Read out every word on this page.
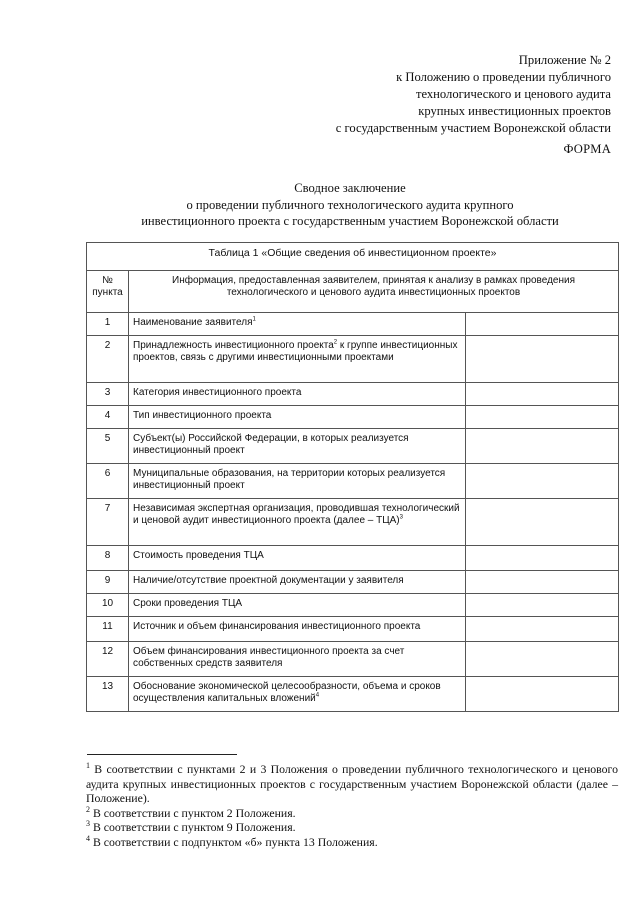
Приложение № 2
к Положению о проведении публичного
технологического и ценового аудита
крупных инвестиционных проектов
с государственным участием Воронежской области
ФОРМА
Сводное заключение
о проведении публичного технологического аудита крупного
инвестиционного проекта с государственным участием Воронежской области
Таблица 1 «Общие сведения об инвестиционном проекте»		
№ пункта	Информация, предоставленная заявителем, принятая к анализу в рамках проведения технологического и ценового аудита инвестиционных проектов	
1	Наименование заявителя$^1$	
2	Принадлежность инвестиционного проекта$^2$ к группе инвестиционных проектов, связь с другими инвестиционными проектами	
3	Категория инвестиционного проекта	
4	Тип инвестиционного проекта	
5	Субъект(ы) Российской Федерации, в которых реализуется инвестиционный проект	
6	Муниципальные образования, на территории которых реализуется инвестиционный проект	
7	Независимая экспертная организация, проводившая технологический и ценовой аудит инвестиционного проекта (далее – ТЦА)$^3$	
8	Стоимость проведения ТЦА	
9	Наличие/отсутствие проектной документации у заявителя	
10	Сроки проведения ТЦА	
11	Источник и объем финансирования инвестиционного проекта	
12	Объем финансирования инвестиционного проекта за счет собственных средств заявителя	
13	Обоснование экономической целесообразности, объема и сроков осуществления капитальных вложений$^4$	

$^1$ В соответствии с пунктами 2 и 3 Положения о проведении публичного технологического и ценового аудита крупных инвестиционных проектов с государственным участием Воронежской области (далее – Положение).

$^2$ В соответствии с пунктом 2 Положения.

$^3$ В соответствии с пунктом 9 Положения.

$^4$ В соответствии с подпунктом «б» пункта 13 Положения.
